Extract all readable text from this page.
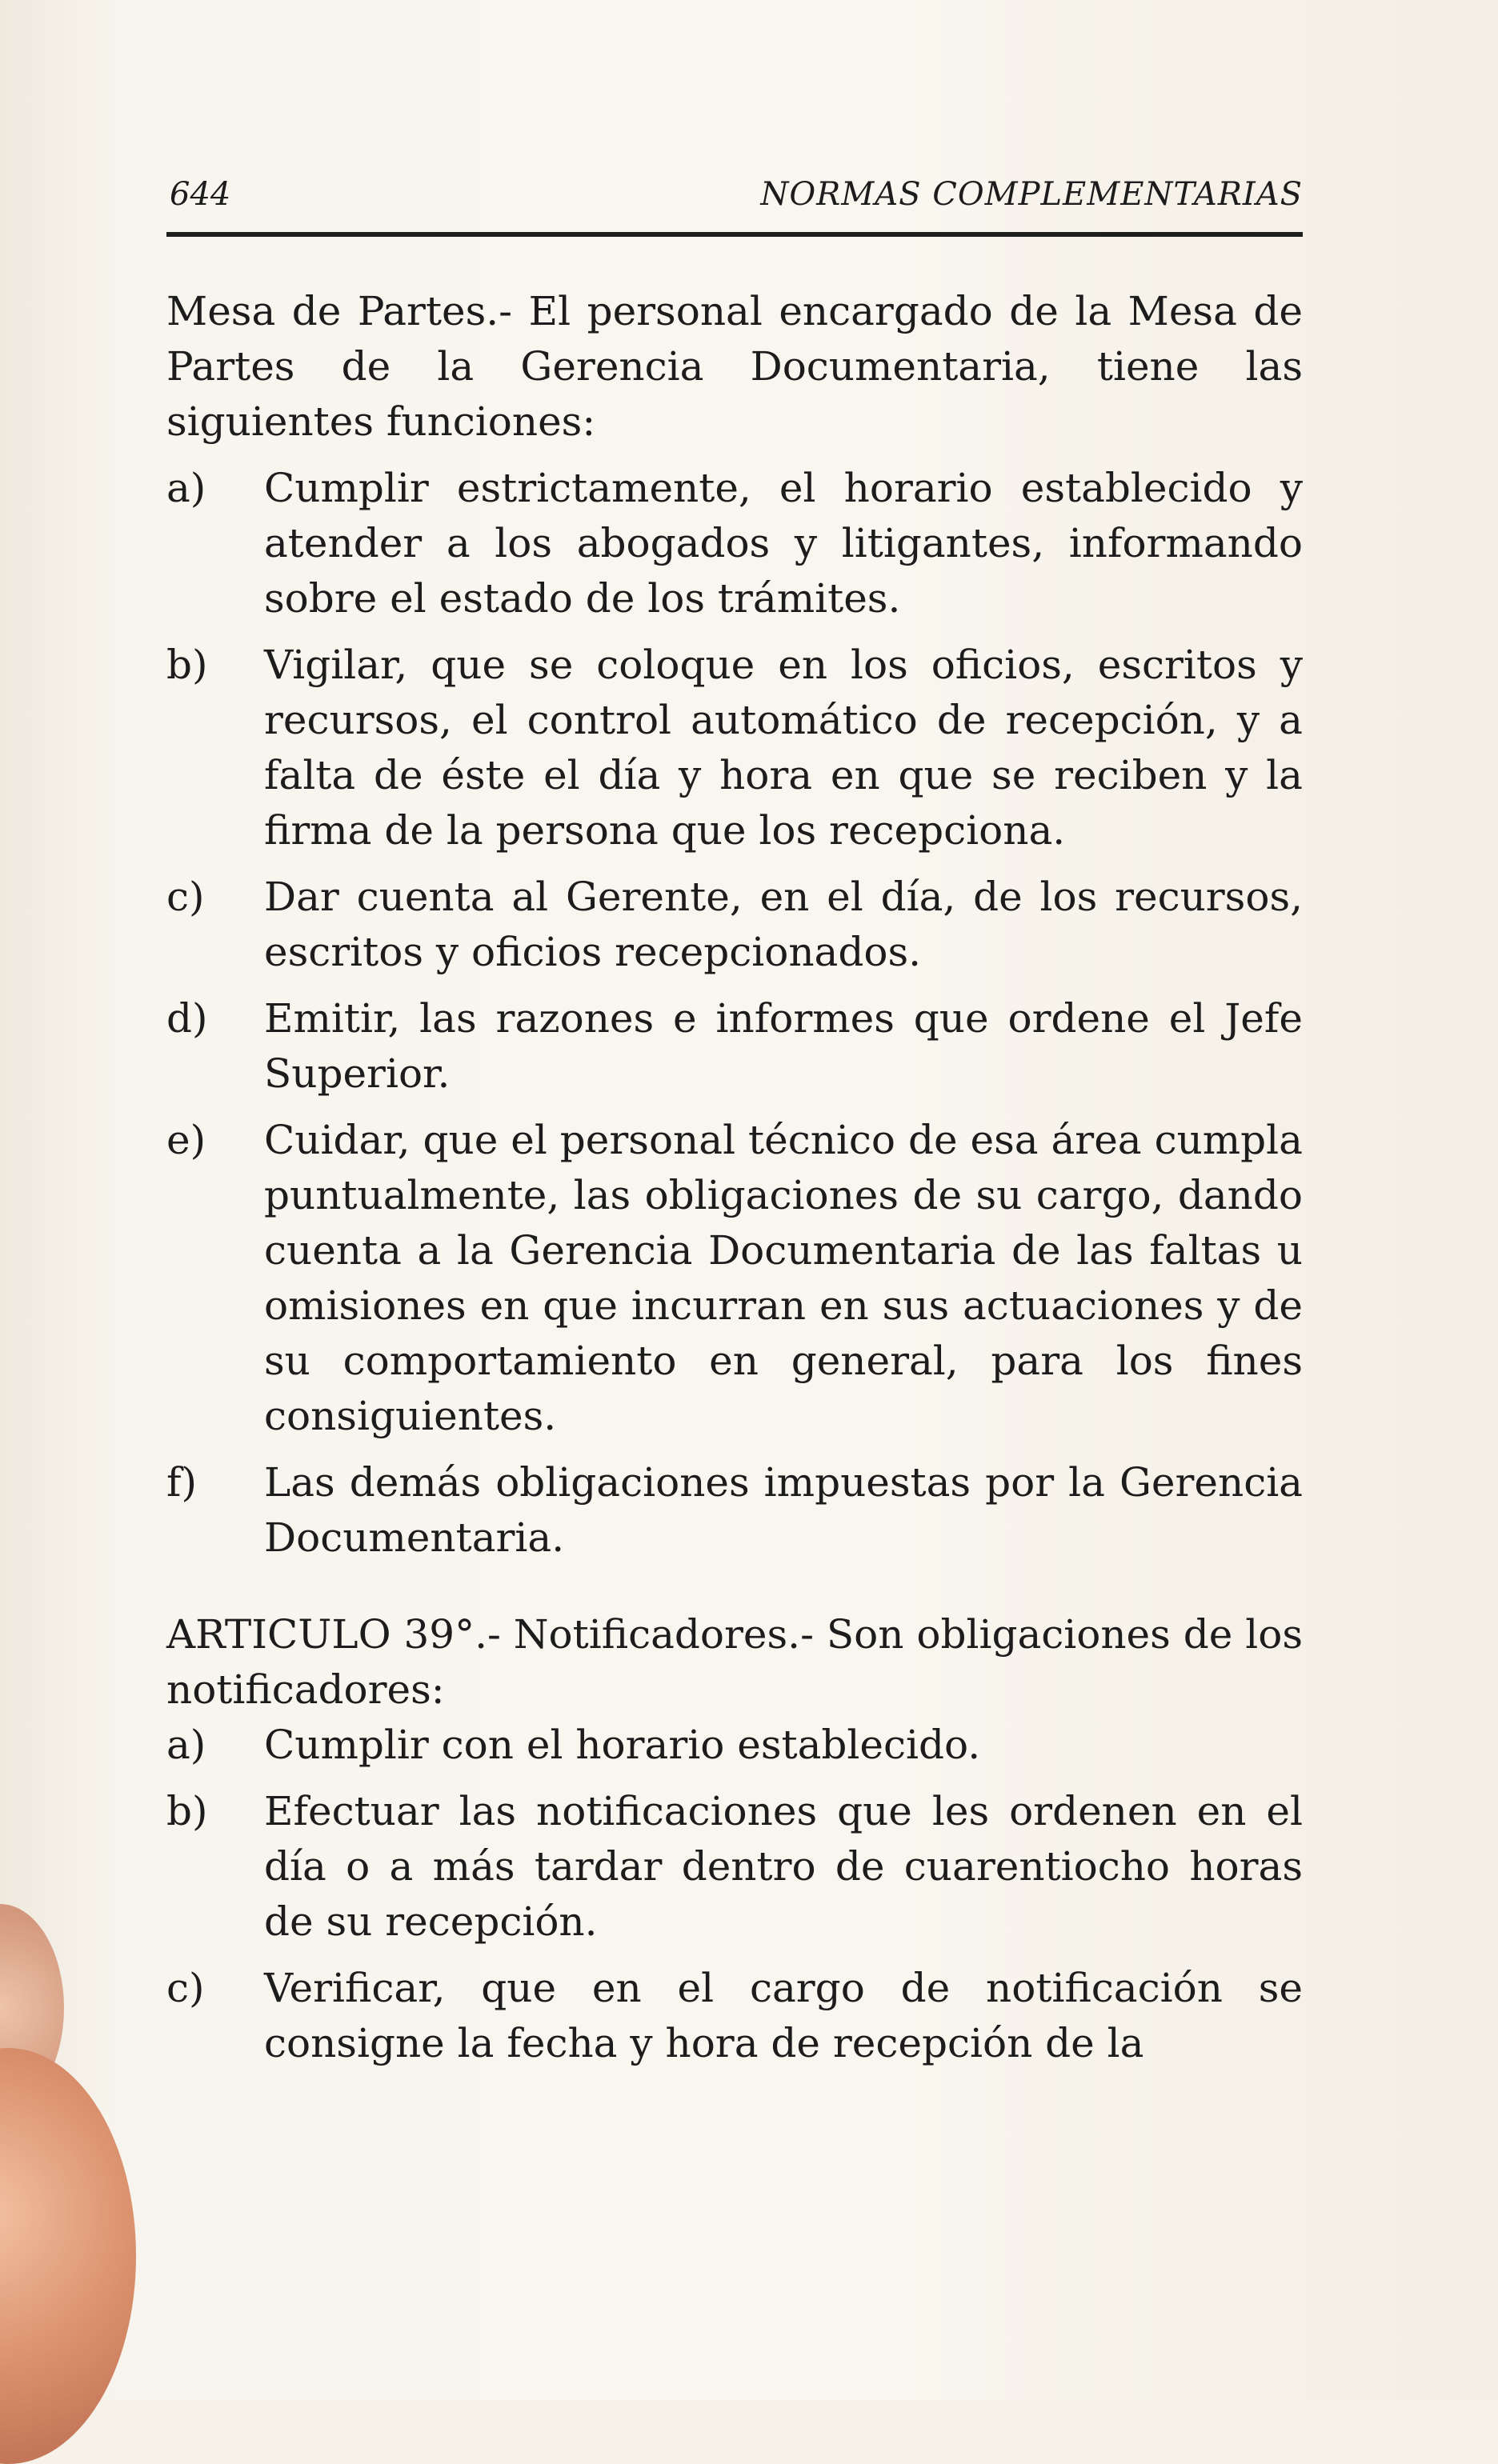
644	NORMAS COMPLEMENTARIAS

Mesa de Partes.- El personal encargado de la Mesa de Partes de la Gerencia Documentaria, tiene las siguientes funciones:

a) Cumplir estrictamente, el horario establecido y atender a los abogados y litigantes, informando sobre el estado de los trámites.
b) Vigilar, que se coloque en los oficios, escritos y recursos, el control automático de recepción, y a falta de éste el día y hora en que se reciben y la firma de la persona que los recepciona.
c) Dar cuenta al Gerente, en el día, de los recursos, escritos y oficios recepcionados.
d) Emitir, las razones e informes que ordene el Jefe Superior.
e) Cuidar, que el personal técnico de esa área cumpla puntualmente, las obligaciones de su cargo, dando cuenta a la Gerencia Documentaria de las faltas u omisiones en que incurran en sus actuaciones y de su comportamiento en general, para los fines consiguientes.
f) Las demás obligaciones impuestas por la Gerencia Documentaria.

ARTICULO 39°.- Notificadores.- Son obligaciones de los notificadores:

a) Cumplir con el horario establecido.
b) Efectuar las notificaciones que les ordenen en el día o a más tardar dentro de cuarentiocho horas de su recepción.
c) Verificar, que en el cargo de notificación se consigne la fecha y hora de recepción de la
